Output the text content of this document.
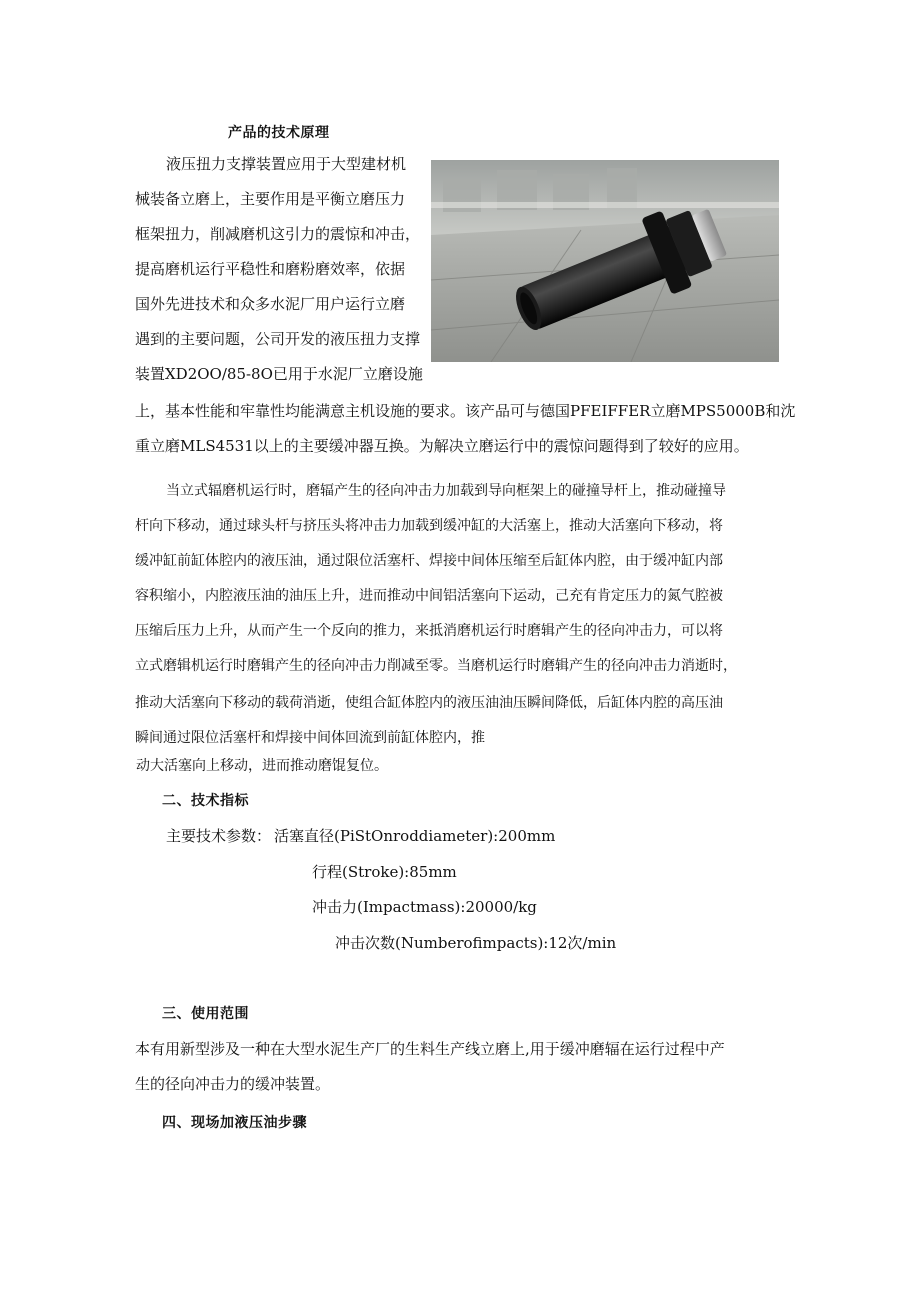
产品的技术原理
液压扭力支撑装置应用于大型建材机
械装备立磨上，主要作用是平衡立磨压力
框架扭力，削减磨机这引力的震惊和冲击，
提高磨机运行平稳性和磨粉磨效率，依据
国外先进技术和众多水泥厂用户运行立磨
遇到的主要问题，公司开发的液压扭力支撑
装置XD2OO/85-8O已用于水泥厂立磨设施
上，基本性能和牢靠性均能满意主机设施的要求。该产品可与德国PFEIFFER立磨MPS5000B和沈
重立磨MLS4531以上的主要缓冲器互换。为解决立磨运行中的震惊问题得到了较好的应用。
当立式辐磨机运行时，磨辐产生的径向冲击力加载到导向框架上的碰撞导杆上，推动碰撞导
杆向下移动，通过球头杆与挤压头将冲击力加载到缓冲缸的大活塞上，推动大活塞向下移动，将
缓冲缸前缸体腔内的液压油，通过限位活塞杆、焊接中间体压缩至后缸体内腔，由于缓冲缸内部
容积缩小，内腔液压油的油压上升，进而推动中间铝活塞向下运动，己充有肯定压力的氮气腔被
压缩后压力上升，从而产生一个反向的推力，来抵消磨机运行时磨辑产生的径向冲击力，可以将
立式磨辑机运行时磨辑产生的径向冲击力削减至零。当磨机运行时磨辑产生的径向冲击力消逝时，
推动大活塞向下移动的载荷消逝，使组合缸体腔内的液压油油压瞬间降低，后缸体内腔的高压油
瞬间通过限位活塞杆和焊接中间体回流到前缸体腔内，推
动大活塞向上移动，进而推动磨馄复位。
二、技术指标
主要技术参数： 活塞直径(PiStOnroddiameter):200mm
行程(Stroke):85mm
冲击力(Impactmass):20000/kg
冲击次数(Numberofimpacts):12次/min
三、使用范围
本有用新型涉及一种在大型水泥生产厂的生料生产线立磨上,用于缓冲磨辐在运行过程中产
生的径向冲击力的缓冲装置。
四、现场加液压油步骤
